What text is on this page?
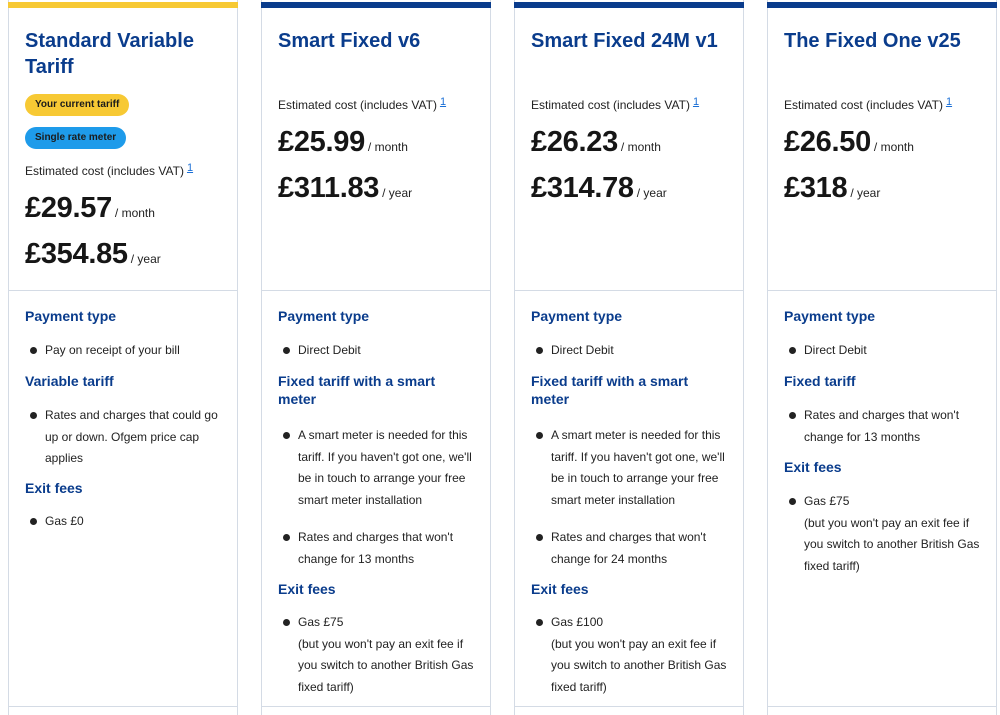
Standard Variable Tariff
Your current tariff
Single rate meter
Estimated cost (includes VAT) 1
£29.57 / month
£354.85 / year
Payment type
Pay on receipt of your bill
Variable tariff
Rates and charges that could go up or down. Ofgem price cap applies
Exit fees
Gas £0
Smart Fixed v6
Estimated cost (includes VAT) 1
£25.99 / month
£311.83 / year
Payment type
Direct Debit
Fixed tariff with a smart meter
A smart meter is needed for this tariff. If you haven't got one, we'll be in touch to arrange your free smart meter installation
Rates and charges that won't change for 13 months
Exit fees
Gas £75
(but you won't pay an exit fee if you switch to another British Gas fixed tariff)
Smart Fixed 24M v1
Estimated cost (includes VAT) 1
£26.23 / month
£314.78 / year
Payment type
Direct Debit
Fixed tariff with a smart meter
A smart meter is needed for this tariff. If you haven't got one, we'll be in touch to arrange your free smart meter installation
Rates and charges that won't change for 24 months
Exit fees
Gas £100
(but you won't pay an exit fee if you switch to another British Gas fixed tariff)
The Fixed One v25
Estimated cost (includes VAT) 1
£26.50 / month
£318 / year
Payment type
Direct Debit
Fixed tariff
Rates and charges that won't change for 13 months
Exit fees
Gas £75
(but you won't pay an exit fee if you switch to another British Gas fixed tariff)
